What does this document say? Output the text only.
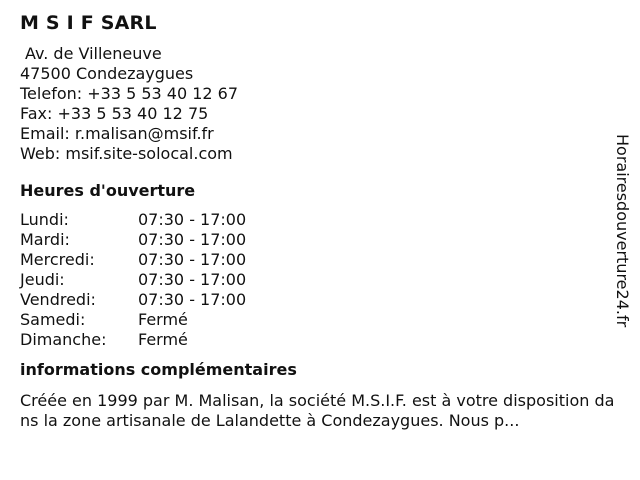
M S I F SARL
Av. de Villeneuve
47500 Condezaygues
Telefon: +33 5 53 40 12 67
Fax: +33 5 53 40 12 75
Email: r.malisan@msif.fr
Web: msif.site-solocal.com
Heures d'ouverture
Lundi:	07:30 - 17:00
Mardi:	07:30 - 17:00
Mercredi:	07:30 - 17:00
Jeudi:	07:30 - 17:00
Vendredi:	07:30 - 17:00
Samedi:	Fermé
Dimanche:	Fermé
informations complémentaires
Créée en 1999 par M. Malisan, la société M.S.I.F. est à votre disposition dans la zone artisanale de Lalandette à Condezaygues. Nous p...
Horairesdouverture24.fr
